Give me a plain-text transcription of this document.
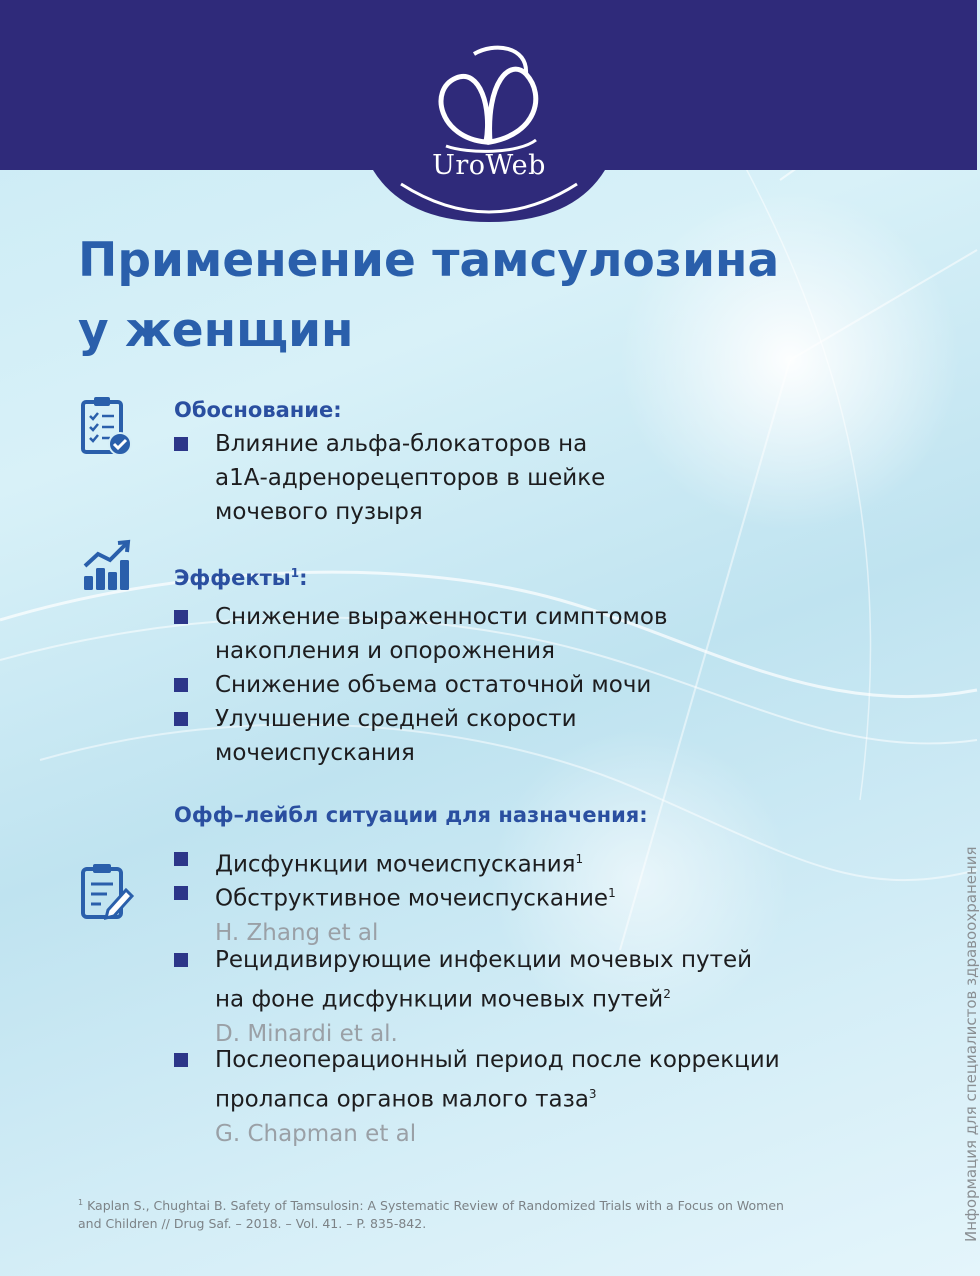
UroWeb
Применение тамсулозина
у женщин
Обоснование:
Влияние альфа-блокаторов на
а1А-адренорецепторов в шейке
мочевого пузыря
Эффекты$^1$:
Снижение выраженности симптомов
накопления и опорожнения
Снижение объема остаточной мочи
Улучшение средней скорости
мочеиспускания
Офф–лейбл ситуации для назначения:
Дисфункции мочеиспускания$^1$
Обструктивное мочеиспускание$^1$
H. Zhang et al
Рецидивирующие инфекции мочевых путей
на фоне дисфункции мочевых путей$^2$
D. Minardi et al.
Послеоперационный период после коррекции
пролапса органов малого таза$^3$
G. Chapman et al
$^1$ Kaplan S., Chughtai B. Safety of Tamsulosin: A Systematic Review of Randomized Trials with a Focus on Women
and Children // Drug Saf. – 2018. – Vol. 41. – P. 835-842.	Информация для специалистов здравоохранения
